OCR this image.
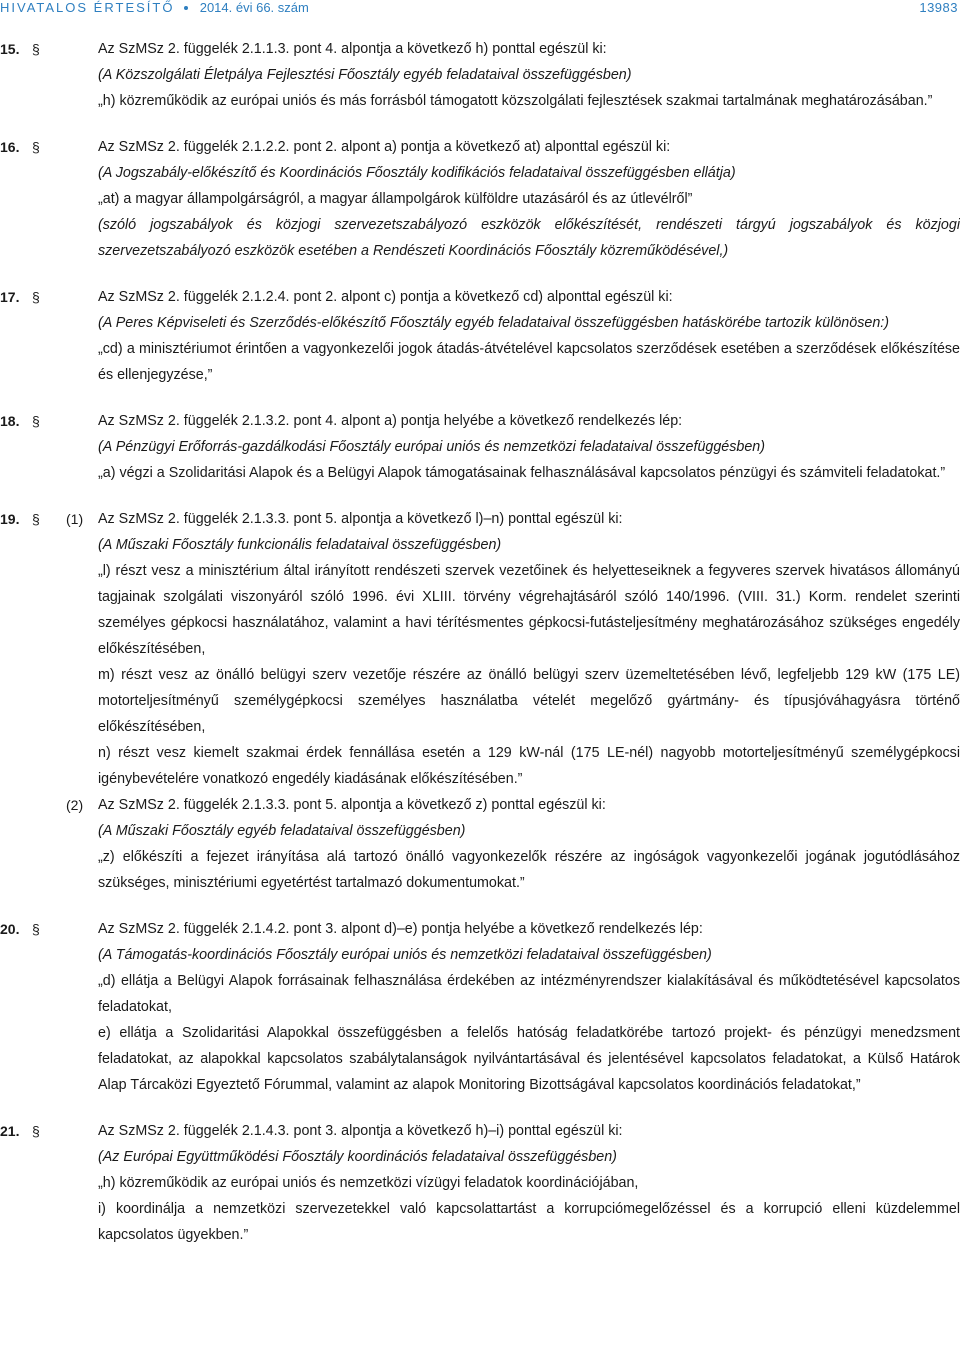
HIVATALOS ÉRTESÍTŐ 2014. évi 66. szám	13983
15. §	Az SzMSz 2. függelék 2.1.1.3. pont 4. alpontja a következő h) ponttal egészül ki:

(A Közszolgálati Életpálya Fejlesztési Főosztály egyéb feladataival összefüggésben)

„h) közreműködik az európai uniós és más forrásból támogatott közszolgálati fejlesztések szakmai tartalmának meghatározásában.”

16. §	Az SzMSz 2. függelék 2.1.2.2. pont 2. alpont a) pontja a következő at) alponttal egészül ki:

(A Jogszabály-előkészítő és Koordinációs Főosztály kodifikációs feladataival összefüggésben ellátja)

„at) a magyar állampolgárságról, a magyar állampolgárok külföldre utazásáról és az útlevélről”

(szóló jogszabályok és közjogi szervezetszabályozó eszközök előkészítését, rendészeti tárgyú jogszabályok és közjogi szervezetszabályozó eszközök esetében a Rendészeti Koordinációs Főosztály közreműködésével,)

17. §	Az SzMSz 2. függelék 2.1.2.4. pont 2. alpont c) pontja a következő cd) alponttal egészül ki:

(A Peres Képviseleti és Szerződés-előkészítő Főosztály egyéb feladataival összefüggésben hatáskörébe tartozik különösen:)

„cd) a minisztériumot érintően a vagyonkezelői jogok átadás-átvételével kapcsolatos szerződések esetében a szerződések előkészítése és ellenjegyzése,”

18. §	Az SzMSz 2. függelék 2.1.3.2. pont 4. alpont a) pontja helyébe a következő rendelkezés lép:

(A Pénzügyi Erőforrás-gazdálkodási Főosztály európai uniós és nemzetközi feladataival összefüggésben)

„a) végzi a Szolidaritási Alapok és a Belügyi Alapok támogatásainak felhasználásával kapcsolatos pénzügyi és számviteli feladatokat.”

19. § (1) Az SzMSz 2. függelék 2.1.3.3. pont 5. alpontja a következő l)–n) ponttal egészül ki:

(A Műszaki Főosztály funkcionális feladataival összefüggésben)

„l) részt vesz a minisztérium által irányított rendészeti szervek vezetőinek és helyetteseiknek a fegyveres szervek hivatásos állományú tagjainak szolgálati viszonyáról szóló 1996. évi XLIII. törvény végrehajtásáról szóló 140/1996. (VIII. 31.) Korm. rendelet szerinti személyes gépkocsi használatához, valamint a havi térítésmentes gépkocsi-futásteljesítmény meghatározásához szükséges engedély előkészítésében,

m) részt vesz az önálló belügyi szerv vezetője részére az önálló belügyi szerv üzemeltetésében lévő, legfeljebb 129 kW (175 LE) motorteljesítményű személygépkocsi személyes használatba vételét megelőző gyártmány- és típusjóváhagyásra történő előkészítésében,

n) részt vesz kiemelt szakmai érdek fennállása esetén a 129 kW-nál (175 LE-nél) nagyobb motorteljesítményű személygépkocsi igénybevételére vonatkozó engedély kiadásának előkészítésében.”

(2) Az SzMSz 2. függelék 2.1.3.3. pont 5. alpontja a következő z) ponttal egészül ki:

(A Műszaki Főosztály egyéb feladataival összefüggésben)

„z) előkészíti a fejezet irányítása alá tartozó önálló vagyonkezelők részére az ingóságok vagyonkezelői jogának jogutódlásához szükséges, minisztériumi egyetértést tartalmazó dokumentumokat.”

20. §	Az SzMSz 2. függelék 2.1.4.2. pont 3. alpont d)–e) pontja helyébe a következő rendelkezés lép:

(A Támogatás-koordinációs Főosztály európai uniós és nemzetközi feladataival összefüggésben)

„d) ellátja a Belügyi Alapok forrásainak felhasználása érdekében az intézményrendszer kialakításával és működtetésével kapcsolatos feladatokat,

e) ellátja a Szolidaritási Alapokkal összefüggésben a felelős hatóság feladatkörébe tartozó projekt- és pénzügyi menedzsment feladatokat, az alapokkal kapcsolatos szabálytalanságok nyilvántartásával és jelentésével kapcsolatos feladatokat, a Külső Határok Alap Tárcaközi Egyeztető Fórummal, valamint az alapok Monitoring Bizottságával kapcsolatos koordinációs feladatokat,”

21. §	Az SzMSz 2. függelék 2.1.4.3. pont 3. alpontja a következő h)–i) ponttal egészül ki:

(Az Európai Együttműködési Főosztály koordinációs feladataival összefüggésben)

„h) közreműködik az európai uniós és nemzetközi vízügyi feladatok koordinációjában,

i) koordinálja a nemzetközi szervezetekkel való kapcsolattartást a korrupciómegelőzéssel és a korrupció elleni küzdelemmel kapcsolatos ügyekben.”
